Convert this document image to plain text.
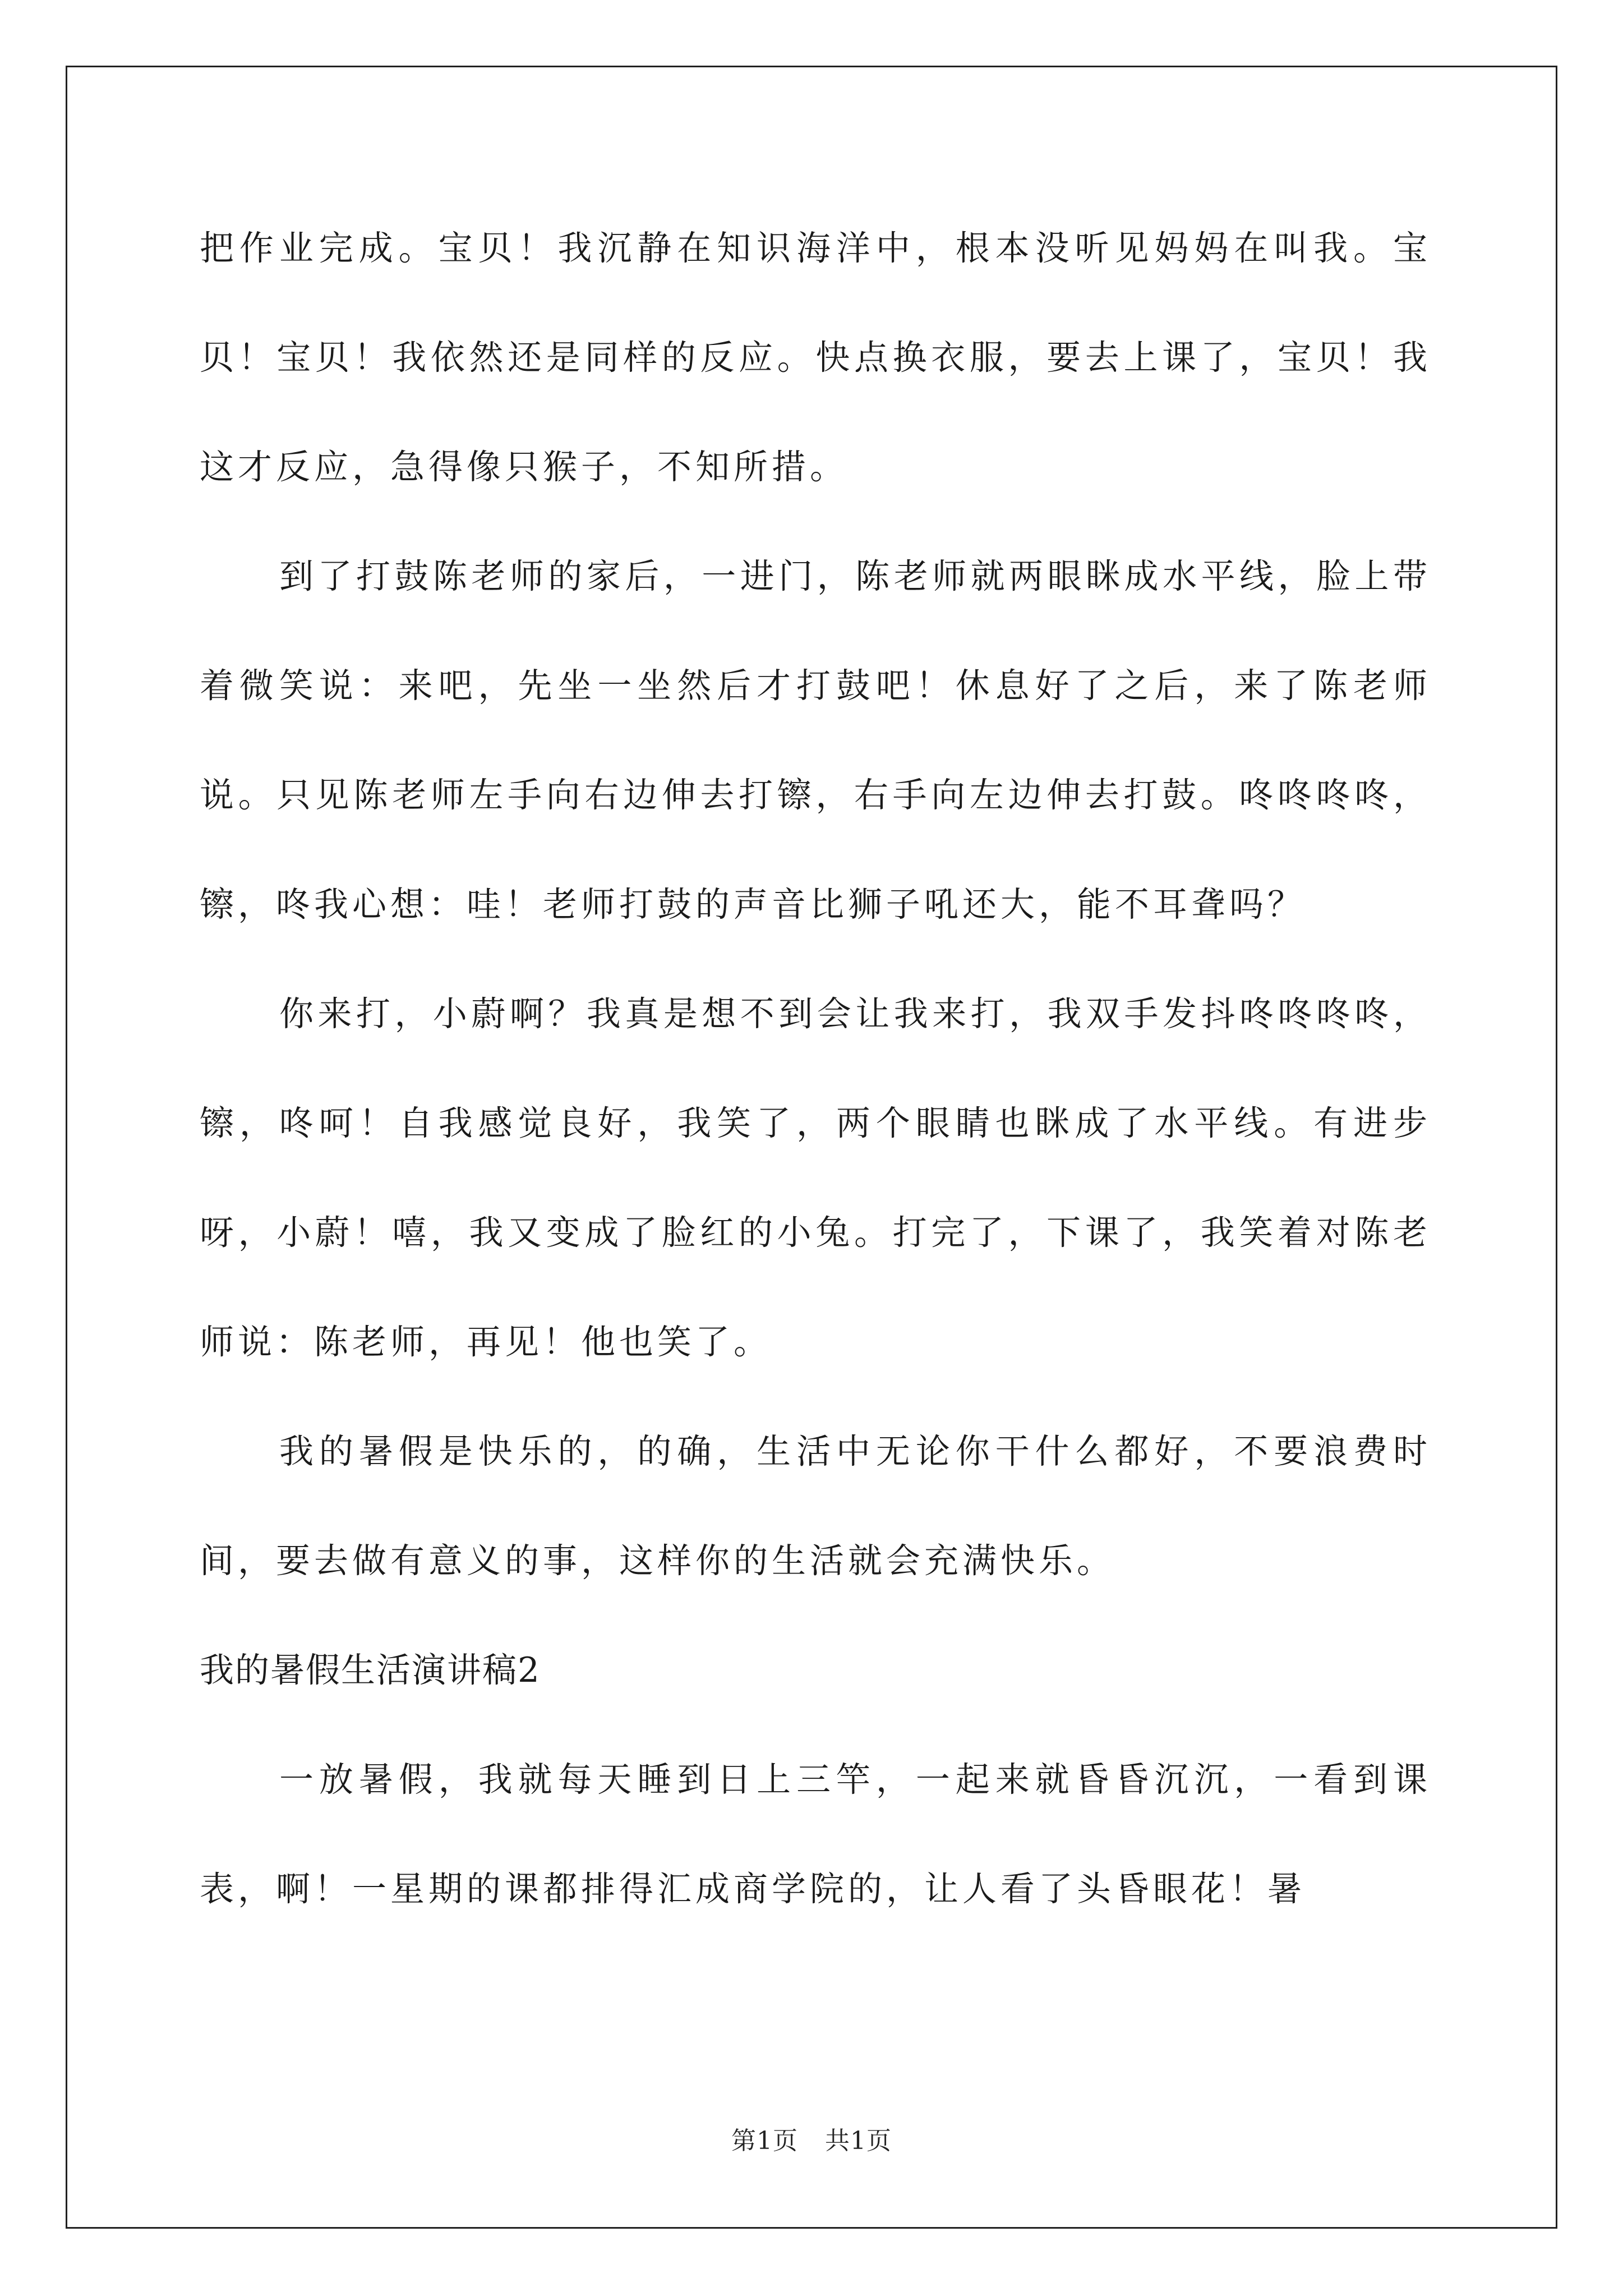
把作业完成。宝贝！我沉静在知识海洋中，根本没听见妈妈在叫我。宝贝！宝贝！我依然还是同样的反应。快点换衣服，要去上课了，宝贝！我这才反应，急得像只猴子，不知所措。

到了打鼓陈老师的家后，一进门，陈老师就两眼眯成水平线，脸上带着微笑说：来吧，先坐一坐然后才打鼓吧！休息好了之后，来了陈老师说。只见陈老师左手向右边伸去打镲，右手向左边伸去打鼓。咚咚咚咚，镲，咚我心想：哇！老师打鼓的声音比狮子吼还大，能不耳聋吗？

你来打，小蔚啊？我真是想不到会让我来打，我双手发抖咚咚咚咚，镲，咚呵！自我感觉良好，我笑了，两个眼睛也眯成了水平线。有进步呀，小蔚！嘻，我又变成了脸红的小兔。打完了，下课了，我笑着对陈老师说：陈老师，再见！他也笑了。

我的暑假是快乐的，的确，生活中无论你干什么都好，不要浪费时间，要去做有意义的事，这样你的生活就会充满快乐。

我的暑假生活演讲稿2

一放暑假，我就每天睡到日上三竿，一起来就昏昏沉沉，一看到课表，啊！一星期的课都排得汇成商学院的，让人看了头昏眼花！暑

第1页 共1页
